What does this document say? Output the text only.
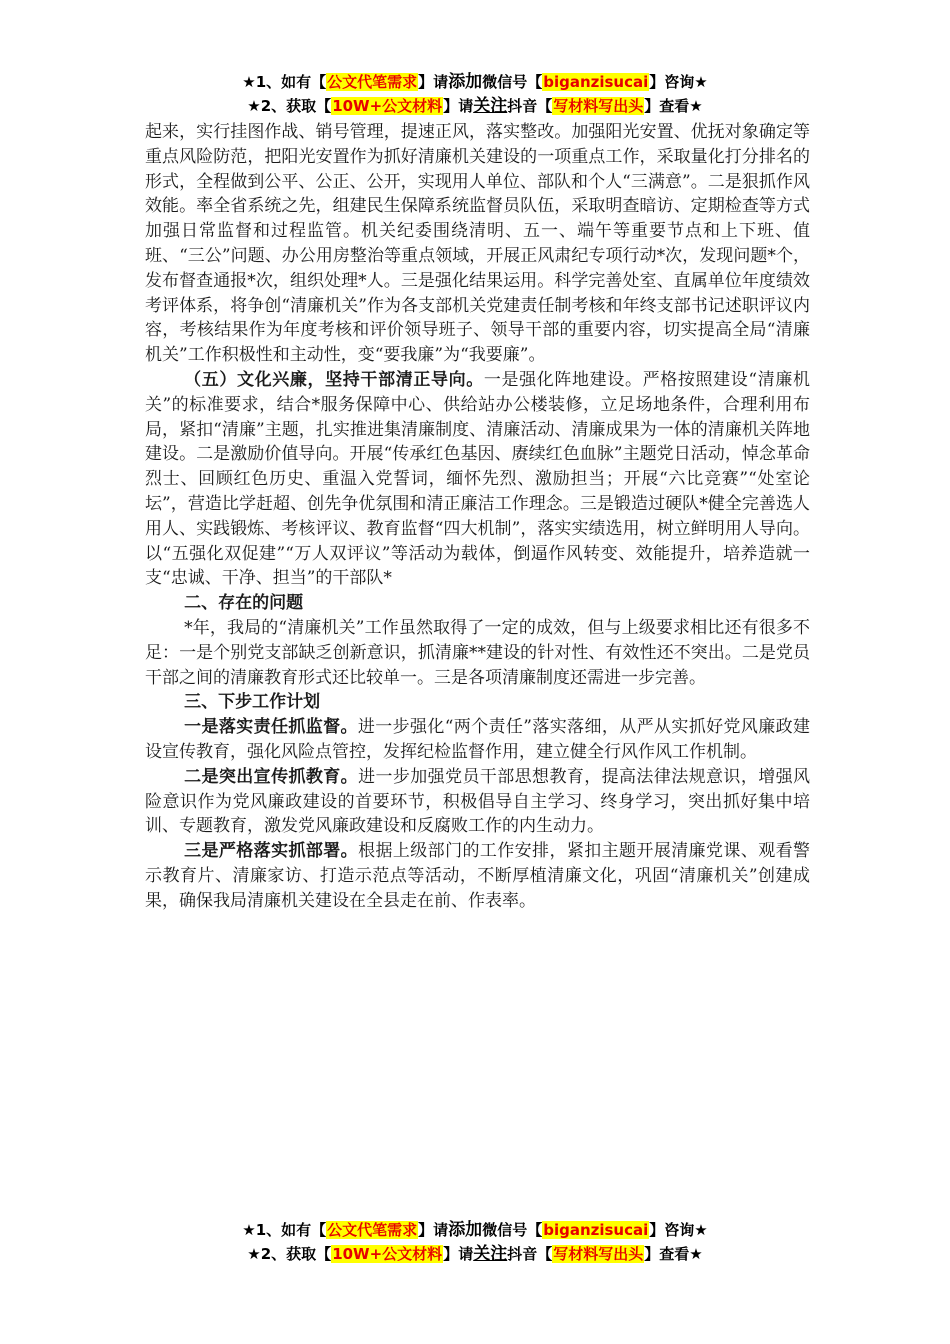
★1、如有【公文代笔需求】请添加微信号【biganzisucai】咨询★
★2、获取【10W+公文材料】请关注抖音【写材料写出头】查看★

起来，实行挂图作战、销号管理，提速正风，落实整改。加强阳光安置、优抚对象确定等重点风险防范，把阳光安置作为抓好清廉机关建设的一项重点工作，采取量化打分排名的形式，全程做到公平、公正、公开，实现用人单位、部队和个人“三满意”。二是狠抓作风效能。率全省系统之先，组建民生保障系统监督员队伍，采取明查暗访、定期检查等方式加强日常监督和过程监管。机关纪委围绕清明、五一、端午等重要节点和上下班、值班、“三公”问题、办公用房整治等重点领域，开展正风肃纪专项行动*次，发现问题*个，发布督查通报*次，组织处理*人。三是强化结果运用。科学完善处室、直属单位年度绩效考评体系，将争创“清廉机关”作为各支部机关党建责任制考核和年终支部书记述职评议内容，考核结果作为年度考核和评价领导班子、领导干部的重要内容，切实提高全局“清廉机关”工作积极性和主动性，变“要我廉”为“我要廉”。

（五）文化兴廉，坚持干部清正导向。一是强化阵地建设。严格按照建设“清廉机关”的标准要求，结合*服务保障中心、供给站办公楼装修，立足场地条件，合理利用布局，紧扣“清廉”主题，扎实推进集清廉制度、清廉活动、清廉成果为一体的清廉机关阵地建设。二是激励价值导向。开展“传承红色基因、赓续红色血脉”主题党日活动，悼念革命烈士、回顾红色历史、重温入党誓词，缅怀先烈、激励担当；开展“六比竞赛”“处室论坛”，营造比学赶超、创先争优氛围和清正廉洁工作理念。三是锻造过硬队*健全完善选人用人、实践锻炼、考核评议、教育监督“四大机制”，落实实绩选用，树立鲜明用人导向。以“五强化双促建”“万人双评议”等活动为载体，倒逼作风转变、效能提升，培养造就一支“忠诚、干净、担当”的干部队*

二、存在的问题

*年，我局的“清廉机关”工作虽然取得了一定的成效，但与上级要求相比还有很多不足：一是个别党支部缺乏创新意识，抓清廉**建设的针对性、有效性还不突出。二是党员干部之间的清廉教育形式还比较单一。三是各项清廉制度还需进一步完善。

三、下步工作计划

一是落实责任抓监督。进一步强化“两个责任”落实落细，从严从实抓好党风廉政建设宣传教育，强化风险点管控，发挥纪检监督作用，建立健全行风作风工作机制。

二是突出宣传抓教育。进一步加强党员干部思想教育，提高法律法规意识，增强风险意识作为党风廉政建设的首要环节，积极倡导自主学习、终身学习，突出抓好集中培训、专题教育，激发党风廉政建设和反腐败工作的内生动力。

三是严格落实抓部署。根据上级部门的工作安排，紧扣主题开展清廉党课、观看警示教育片、清廉家访、打造示范点等活动，不断厚植清廉文化，巩固“清廉机关”创建成果，确保我局清廉机关建设在全县走在前、作表率。

★1、如有【公文代笔需求】请添加微信号【biganzisucai】咨询★
★2、获取【10W+公文材料】请关注抖音【写材料写出头】查看★
